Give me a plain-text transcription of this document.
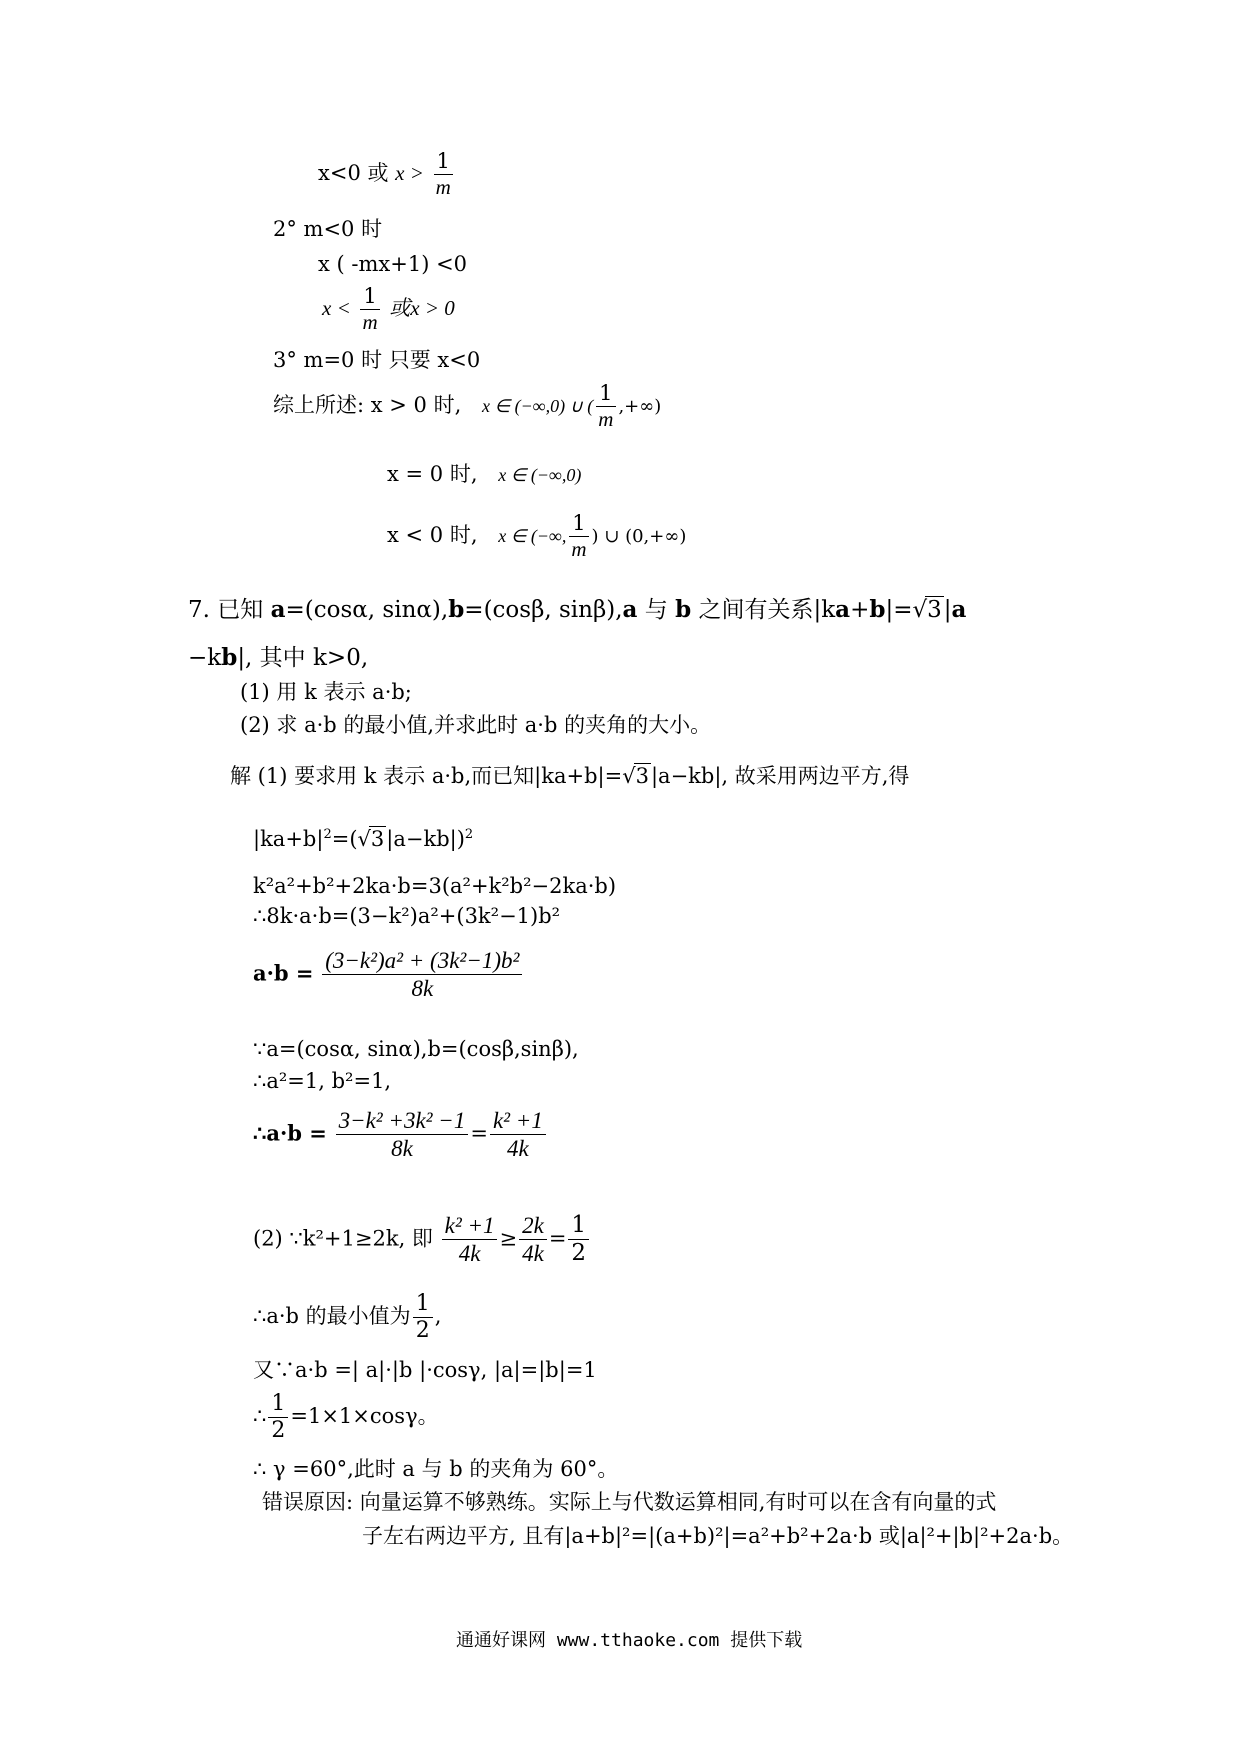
x<0 或 $x > \frac{1}{m}$
2° m<0 时
x ( -mx+1) <0
$x < \frac{1}{m}$ 或x > 0
3° m=0 时 只要 x<0
综上所述: x > 0 时, x ∈ (−∞,0) ∪ ( $\frac{1}{m}$ ,+∞)
x = 0 时, x ∈ (−∞,0)
x < 0 时, x ∈ (−∞, $\frac{1}{m}$ ) ∪ (0,+∞)
7. 已知 a=(cosα, sinα),b=(cosβ, sinβ),a 与 b 之间有关系|ka+b|=√3|a
−kb|, 其中 k>0,
(1) 用 k 表示 a·b;
(2) 求 a·b 的最小值,并求此时 a·b 的夹角的大小。
解 (1) 要求用 k 表示 a·b,而已知|ka+b|=√3|a−kb|, 故采用两边平方,得
$|ka+b|^2=(√3|a-kb|)^2$
k²a²+b²+2ka·b=3(a²+k²b²−2ka·b)
∴8k·a·b=(3−k²)a²+(3k²−1)b²
$a\cdot b = \frac{\text{(3−k²)a² + (3k²−1)b²}}{8k}$
∵a=(cosα, sinα),b=(cosβ,sinβ),
∴a²=1, b²=1,
∴a·b = $\frac{\text{3−k² +3k² −1}}{8k} = \frac{\text{k² +1}}{4k}$
(2) ∵k²+1≥2k, 即 $\frac{\text{k² +1}}{4k} \ge \frac{2k}{4k} = \frac{1}{2}$
∴a·b 的最小值为 $\frac{1}{2}$ ,
又∵a·b =| a|·|b |·cosγ, |a|=|b|=1
∴ $\frac{1}{2} =1\times 1\times\cos\gamma$。
∴ γ =60°,此时 a 与 b 的夹角为 60°。
错误原因: 向量运算不够熟练。实际上与代数运算相同,有时可以在含有向量的式
子左右两边平方, 且有|a+b|²=|(a+b)²|=a²+b²+2a·b 或|a|²+|b|²+2a·b。
通通好课网 www.tthaoke.com 提供下载
